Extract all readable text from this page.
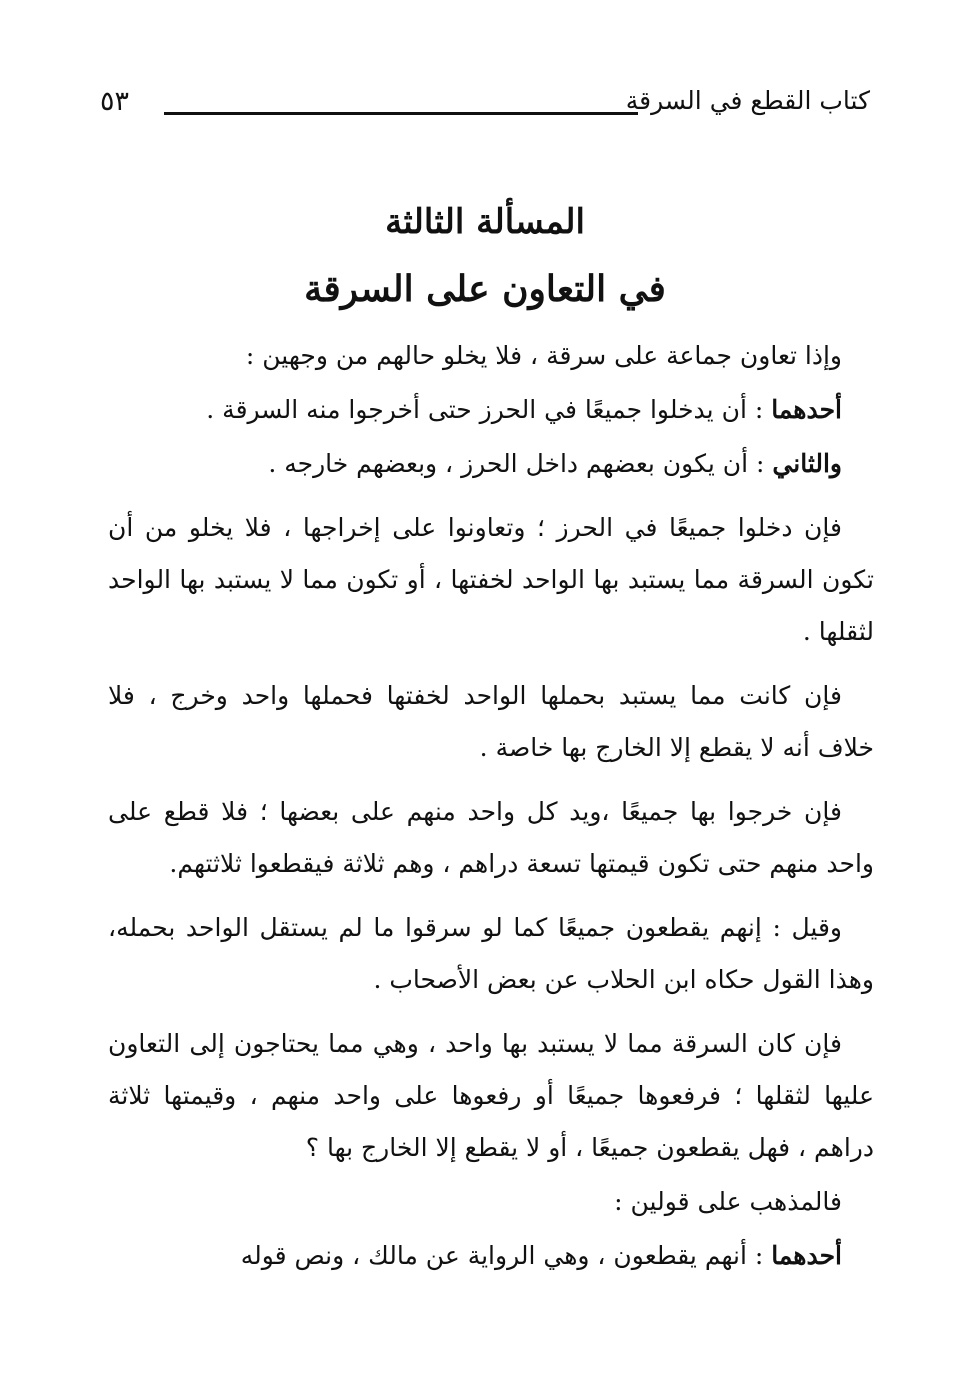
كتاب القطع في السرقة
٥٣
المسألة الثالثة
في التعاون على السرقة

وإذا تعاون جماعة على سرقة ، فلا يخلو حالهم من وجهين :

أحدهما : أن يدخلوا جميعًا في الحرز حتى أخرجوا منه السرقة .

والثاني : أن يكون بعضهم داخل الحرز ، وبعضهم خارجه .

فإن دخلوا جميعًا في الحرز ؛ وتعاونوا على إخراجها ، فلا يخلو من أن تكون السرقة مما يستبد بها الواحد لخفتها ، أو تكون مما لا يستبد بها الواحد لثقلها .

فإن كانت مما يستبد بحملها الواحد لخفتها فحملها واحد وخرج ، فلا خلاف أنه لا يقطع إلا الخارج بها خاصة .

فإن خرجوا بها جميعًا ،ويد كل واحد منهم على بعضها ؛ فلا قطع على واحد منهم حتى تكون قيمتها تسعة دراهم ، وهم ثلاثة فيقطعوا ثلاثتهم.

وقيل : إنهم يقطعون جميعًا كما لو سرقوا ما لم يستقل الواحد بحمله، وهذا القول حكاه ابن الحلاب عن بعض الأصحاب .

فإن كان السرقة مما لا يستبد بها واحد ، وهي مما يحتاجون إلى التعاون عليها لثقلها ؛ فرفعوها جميعًا أو رفعوها على واحد منهم ، وقيمتها ثلاثة دراهم ، فهل يقطعون جميعًا ، أو لا يقطع إلا الخارج بها ؟

فالمذهب على قولين :

أحدهما : أنهم يقطعون ، وهي الرواية عن مالك ، ونص قوله
